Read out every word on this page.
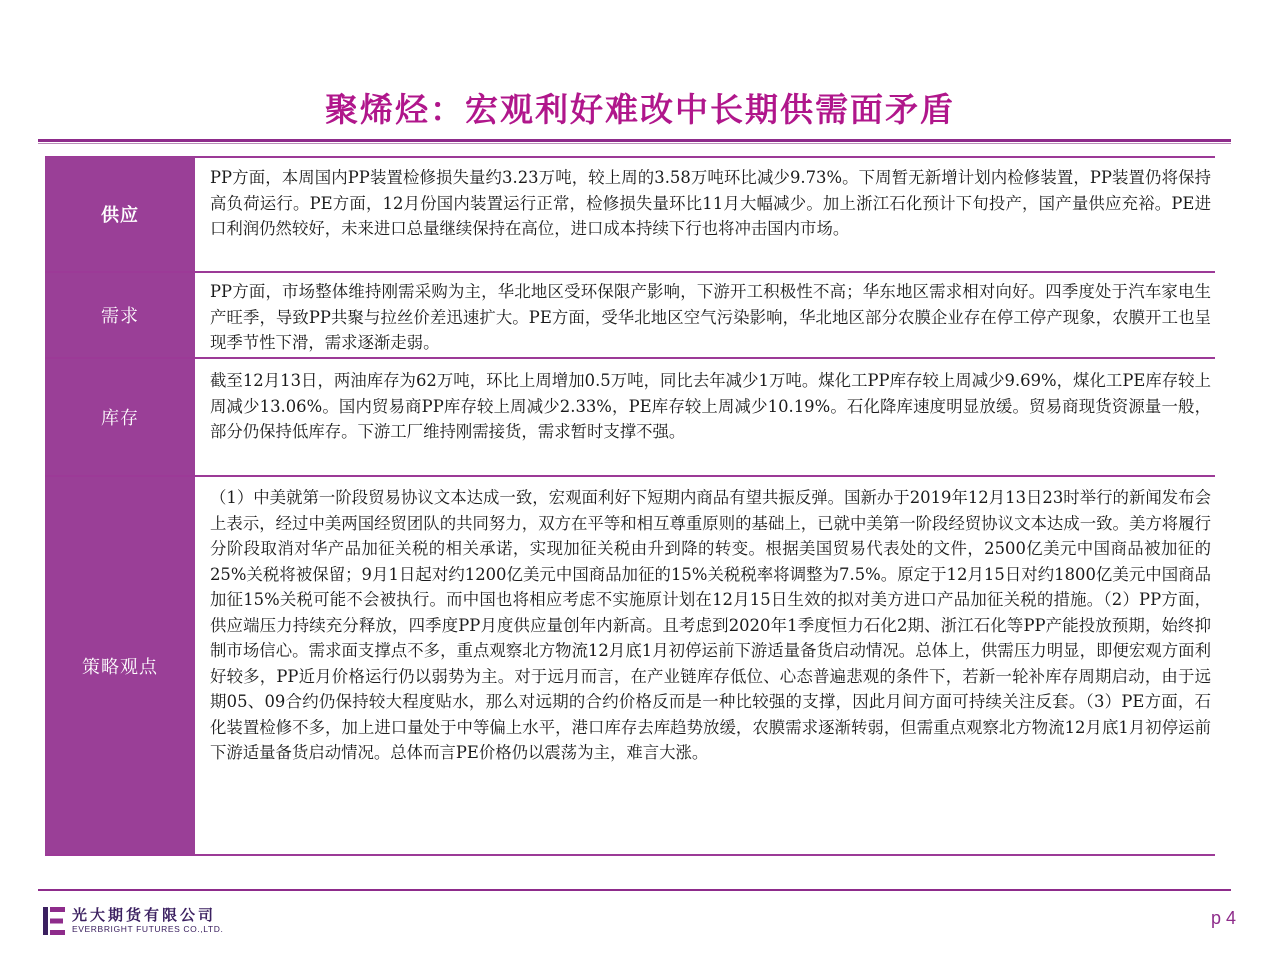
聚烯烃：宏观利好难改中长期供需面矛盾
供应
PP方面，本周国内PP装置检修损失量约3.23万吨，较上周的3.58万吨环比减少9.73%。下周暂无新增计划内检修装置，PP装置仍将保持高负荷运行。PE方面，12月份国内装置运行正常，检修损失量环比11月大幅减少。加上浙江石化预计下旬投产，国产量供应充裕。PE进口利润仍然较好，未来进口总量继续保持在高位，进口成本持续下行也将冲击国内市场。
需求
PP方面，市场整体维持刚需采购为主，华北地区受环保限产影响，下游开工积极性不高；华东地区需求相对向好。四季度处于汽车家电生产旺季，导致PP共聚与拉丝价差迅速扩大。PE方面，受华北地区空气污染影响，华北地区部分农膜企业存在停工停产现象，农膜开工也呈现季节性下滑，需求逐渐走弱。
库存
截至12月13日，两油库存为62万吨，环比上周增加0.5万吨，同比去年减少1万吨。煤化工PP库存较上周减少9.69%，煤化工PE库存较上周减少13.06%。国内贸易商PP库存较上周减少2.33%，PE库存较上周减少10.19%。石化降库速度明显放缓。贸易商现货资源量一般，部分仍保持低库存。下游工厂维持刚需接货，需求暂时支撑不强。
策略观点
（1）中美就第一阶段贸易协议文本达成一致，宏观面利好下短期内商品有望共振反弹。国新办于2019年12月13日23时举行的新闻发布会上表示，经过中美两国经贸团队的共同努力，双方在平等和相互尊重原则的基础上，已就中美第一阶段经贸协议文本达成一致。美方将履行分阶段取消对华产品加征关税的相关承诺，实现加征关税由升到降的转变。根据美国贸易代表处的文件，2500亿美元中国商品被加征的25%关税将被保留；9月1日起对约1200亿美元中国商品加征的15%关税税率将调整为7.5%。原定于12月15日对约1800亿美元中国商品加征15%关税可能不会被执行。而中国也将相应考虑不实施原计划在12月15日生效的拟对美方进口产品加征关税的措施。（2）PP方面，供应端压力持续充分释放，四季度PP月度供应量创年内新高。且考虑到2020年1季度恒力石化2期、浙江石化等PP产能投放预期，始终抑制市场信心。需求面支撑点不多，重点观察北方物流12月底1月初停运前下游适量备货启动情况。总体上，供需压力明显，即便宏观方面利好较多，PP近月价格运行仍以弱势为主。对于远月而言，在产业链库存低位、心态普遍悲观的条件下，若新一轮补库存周期启动，由于远期05、09合约仍保持较大程度贴水，那么对远期的合约价格反而是一种比较强的支撑，因此月间方面可持续关注反套。（3）PE方面，石化装置检修不多，加上进口量处于中等偏上水平，港口库存去库趋势放缓，农膜需求逐渐转弱，但需重点观察北方物流12月底1月初停运前下游适量备货启动情况。总体而言PE价格仍以震荡为主，难言大涨。
光大期货有限公司
EVERBRIGHT FUTURES CO.,LTD.
p 4
